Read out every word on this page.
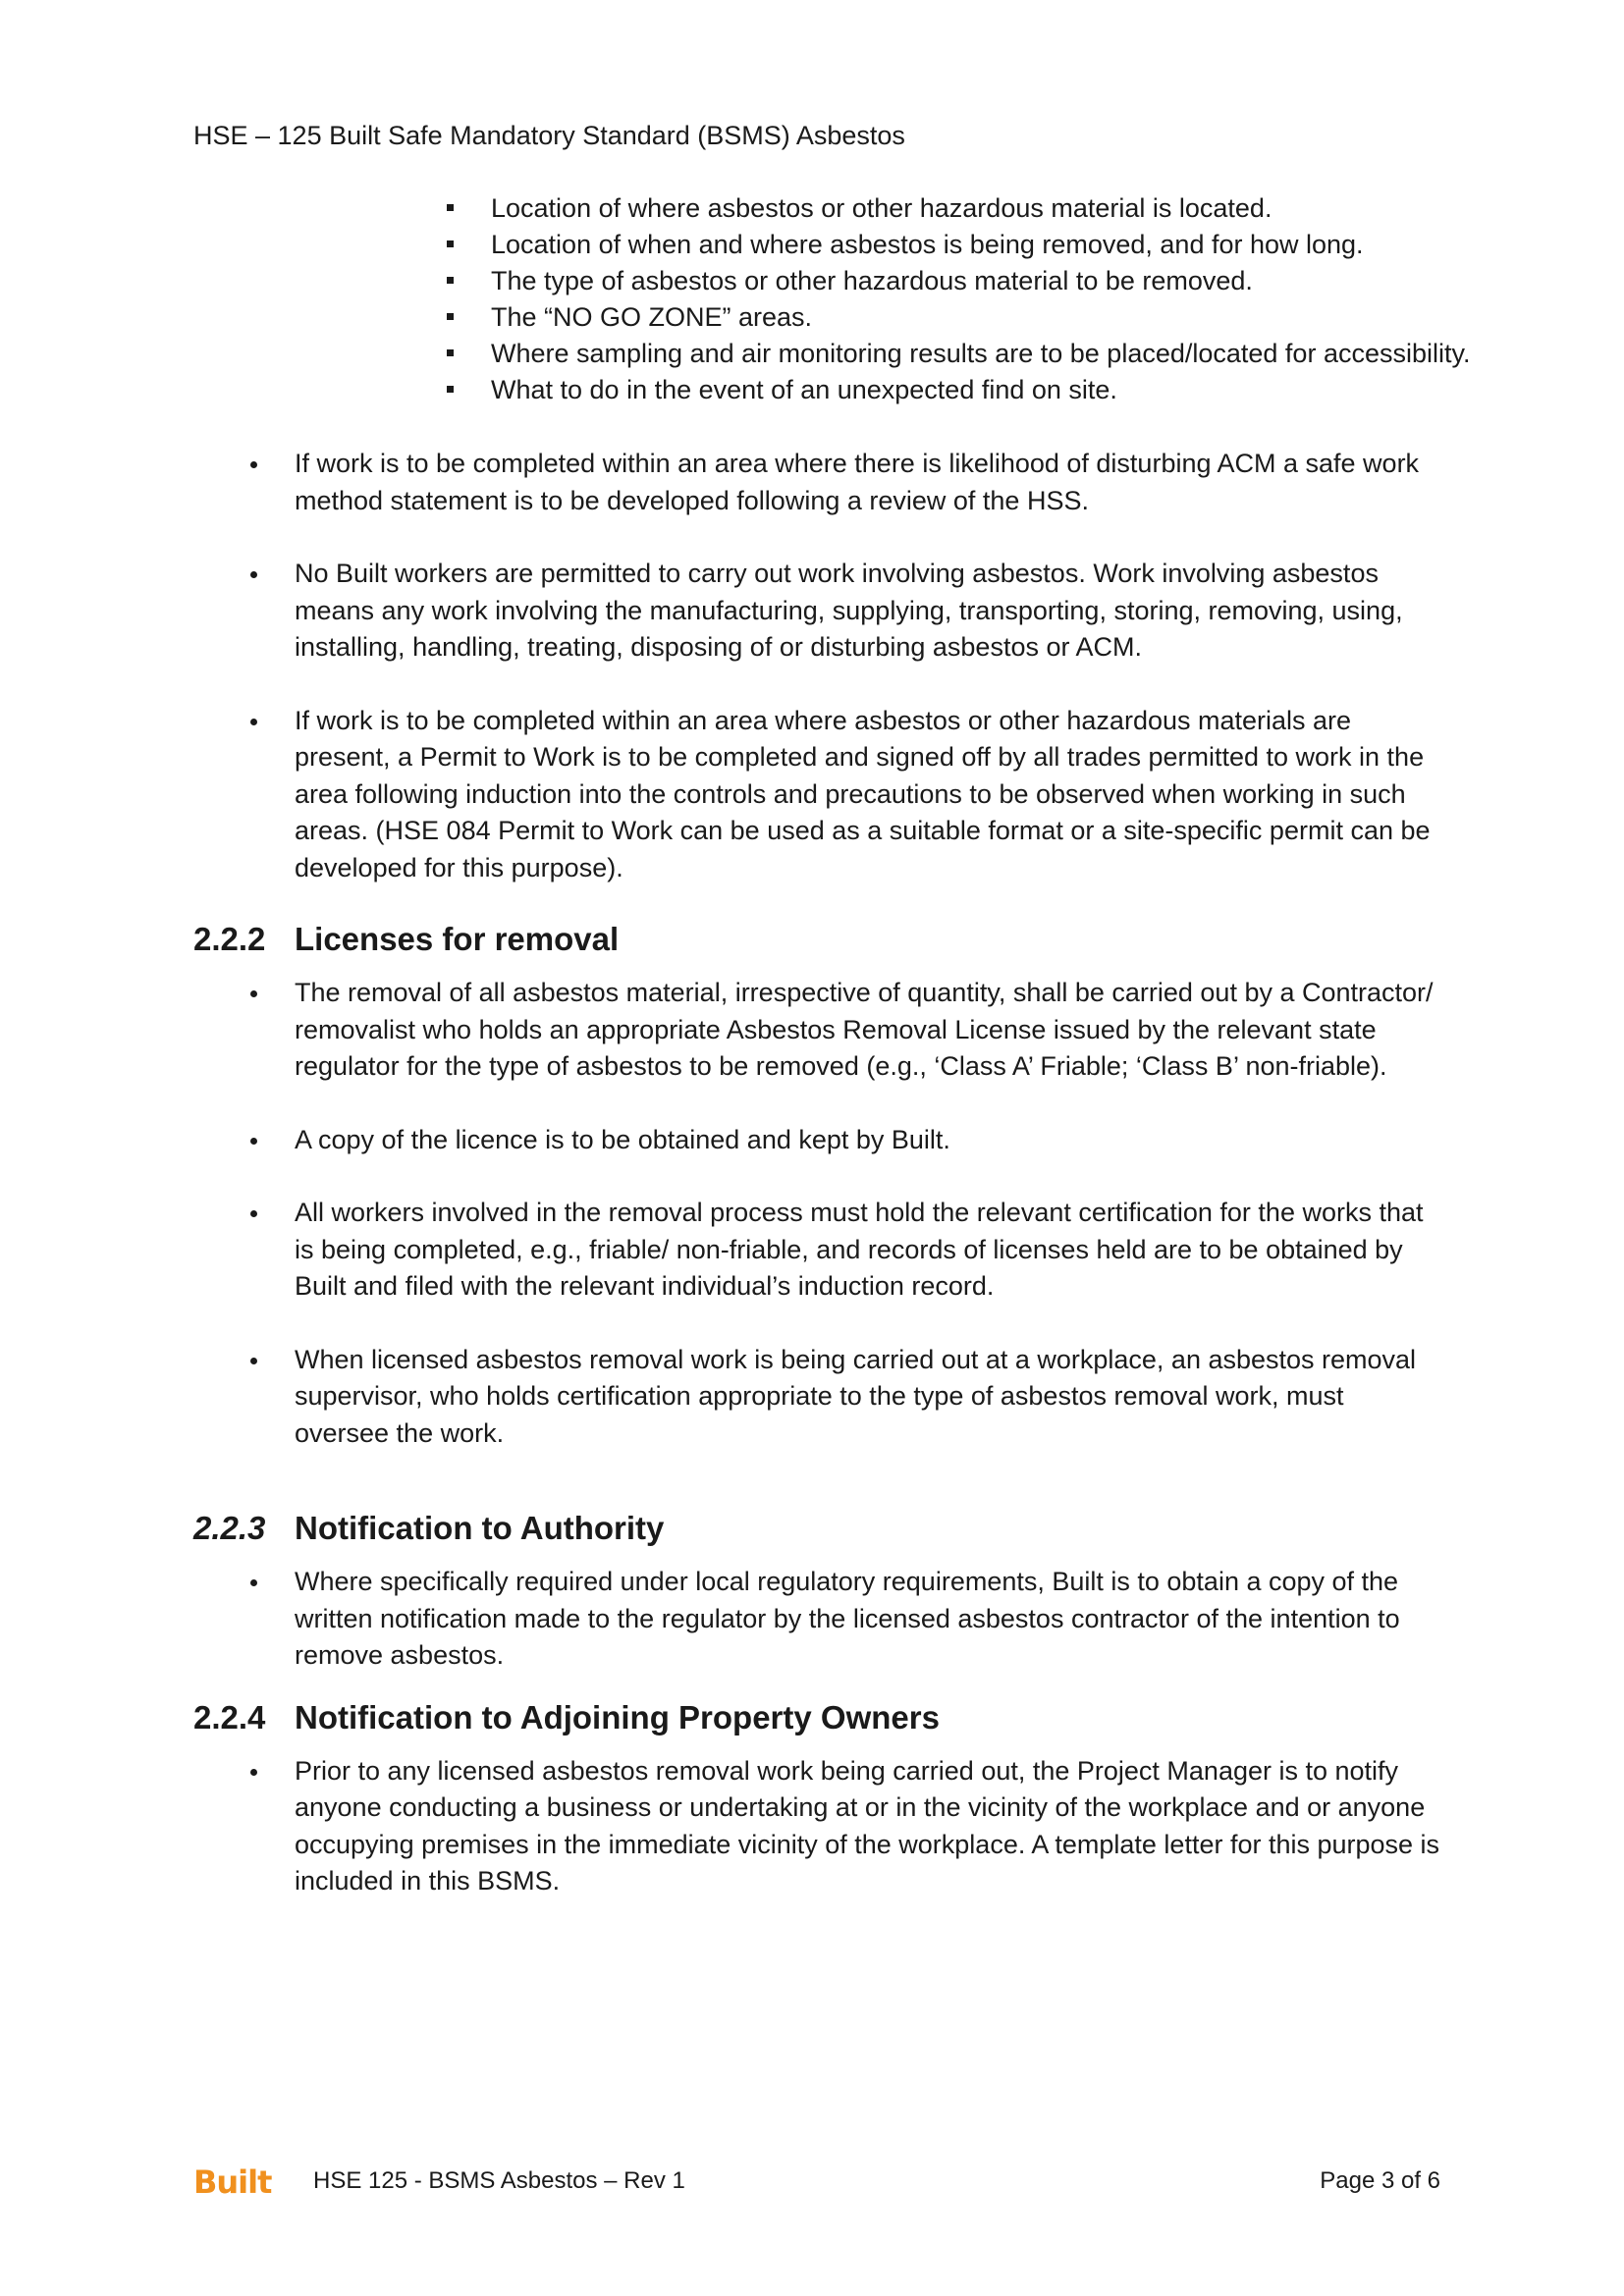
HSE – 125 Built Safe Mandatory Standard (BSMS) Asbestos
Location of where asbestos or other hazardous material is located.
Location of when and where asbestos is being removed, and for how long.
The type of asbestos or other hazardous material to be removed.
The “NO GO ZONE” areas.
Where sampling and air monitoring results are to be placed/located for accessibility.
What to do in the event of an unexpected find on site.
If work is to be completed within an area where there is likelihood of disturbing ACM a safe work method statement is to be developed following a review of the HSS.
No Built workers are permitted to carry out work involving asbestos. Work involving asbestos means any work involving the manufacturing, supplying, transporting, storing, removing, using, installing, handling, treating, disposing of or disturbing asbestos or ACM.
If work is to be completed within an area where asbestos or other hazardous materials are present, a Permit to Work is to be completed and signed off by all trades permitted to work in the area following induction into the controls and precautions to be observed when working in such areas. (HSE 084 Permit to Work can be used as a suitable format or a site-specific permit can be developed for this purpose).
2.2.2 Licenses for removal
The removal of all asbestos material, irrespective of quantity, shall be carried out by a Contractor/ removalist who holds an appropriate Asbestos Removal License issued by the relevant state regulator for the type of asbestos to be removed (e.g., ‘Class A’ Friable; ‘Class B’ non-friable).
A copy of the licence is to be obtained and kept by Built.
All workers involved in the removal process must hold the relevant certification for the works that is being completed, e.g., friable/ non-friable, and records of licenses held are to be obtained by Built and filed with the relevant individual’s induction record.
When licensed asbestos removal work is being carried out at a workplace, an asbestos removal supervisor, who holds certification appropriate to the type of asbestos removal work, must oversee the work.
2.2.3 Notification to Authority
Where specifically required under local regulatory requirements, Built is to obtain a copy of the written notification made to the regulator by the licensed asbestos contractor of the intention to remove asbestos.
2.2.4 Notification to Adjoining Property Owners
Prior to any licensed asbestos removal work being carried out, the Project Manager is to notify anyone conducting a business or undertaking at or in the vicinity of the workplace and or anyone occupying premises in the immediate vicinity of the workplace. A template letter for this purpose is included in this BSMS.
Built HSE 125 - BSMS Asbestos – Rev 1	Page 3 of 6
